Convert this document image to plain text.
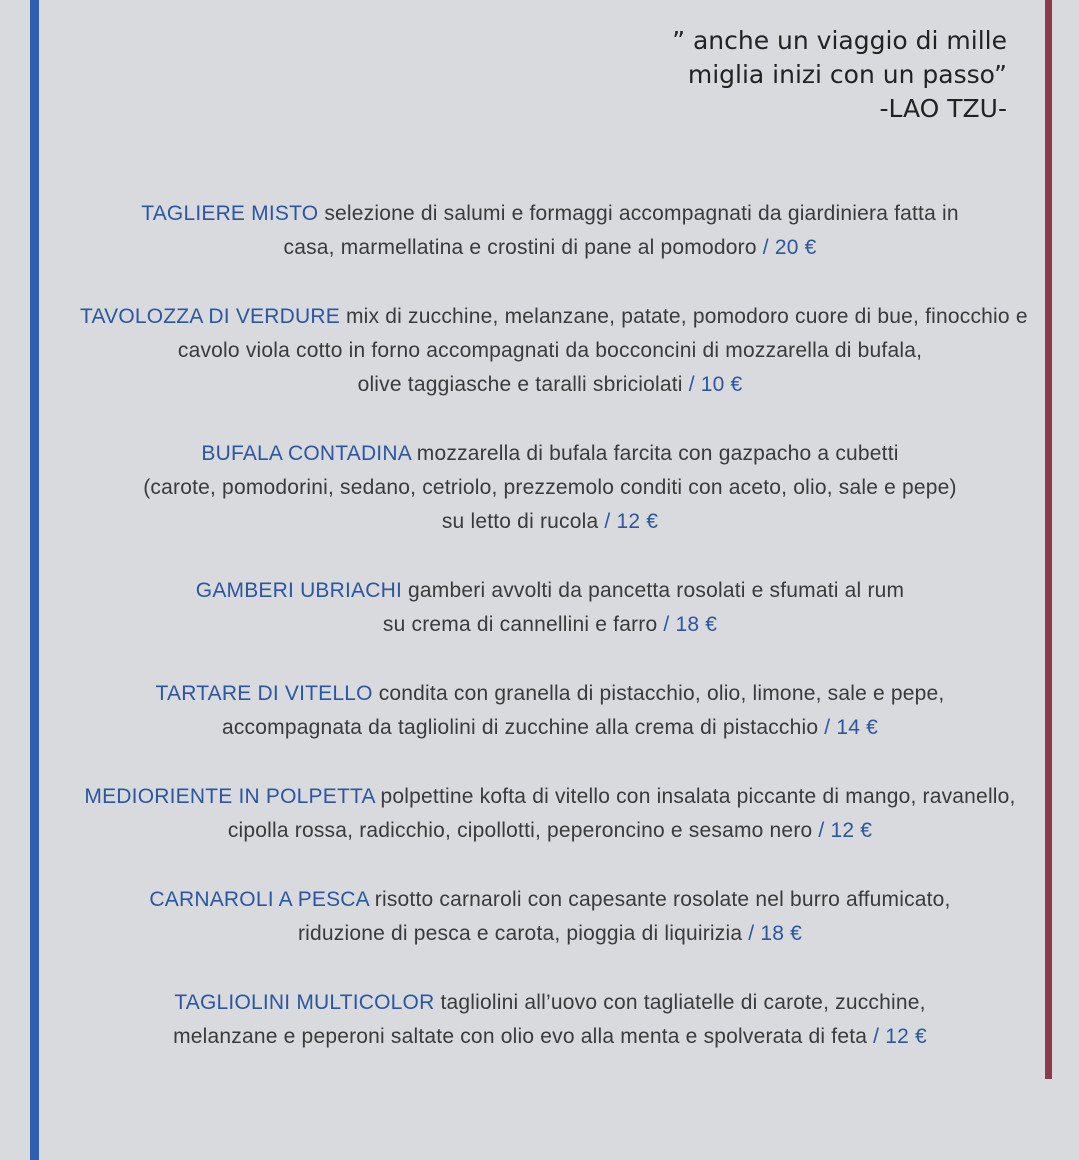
” anche un viaggio di mille
miglia inizi con un passo”
-LAO TZU-
TAGLIERE MISTO selezione di salumi e formaggi accompagnati da giardiniera fatta in
casa, marmellatina e crostini di pane al pomodoro / 20 €
TAVOLOZZA DI VERDURE mix di zucchine, melanzane, patate, pomodoro cuore di bue, finocchio e
cavolo viola cotto in forno accompagnati da bocconcini di mozzarella di bufala,
olive taggiasche e taralli sbriciolati / 10 €
BUFALA CONTADINA mozzarella di bufala farcita con gazpacho a cubetti
(carote, pomodorini, sedano, cetriolo, prezzemolo conditi con aceto, olio, sale e pepe)
su letto di rucola / 12 €
GAMBERI UBRIACHI gamberi avvolti da pancetta rosolati e sfumati al rum
su crema di cannellini e farro / 18 €
TARTARE DI VITELLO condita con granella di pistacchio, olio, limone, sale e pepe,
accompagnata da tagliolini di zucchine alla crema di pistacchio / 14 €
MEDIORIENTE IN POLPETTA polpettine kofta di vitello con insalata piccante di mango, ravanello,
cipolla rossa, radicchio, cipollotti, peperoncino e sesamo nero / 12 €
CARNAROLI A PESCA risotto carnaroli con capesante rosolate nel burro affumicato,
riduzione di pesca e carota, pioggia di liquirizia / 18 €
TAGLIOLINI MULTICOLOR tagliolini all’uovo con tagliatelle di carote, zucchine,
melanzane e peperoni saltate con olio evo alla menta e spolverata di feta / 12 €
